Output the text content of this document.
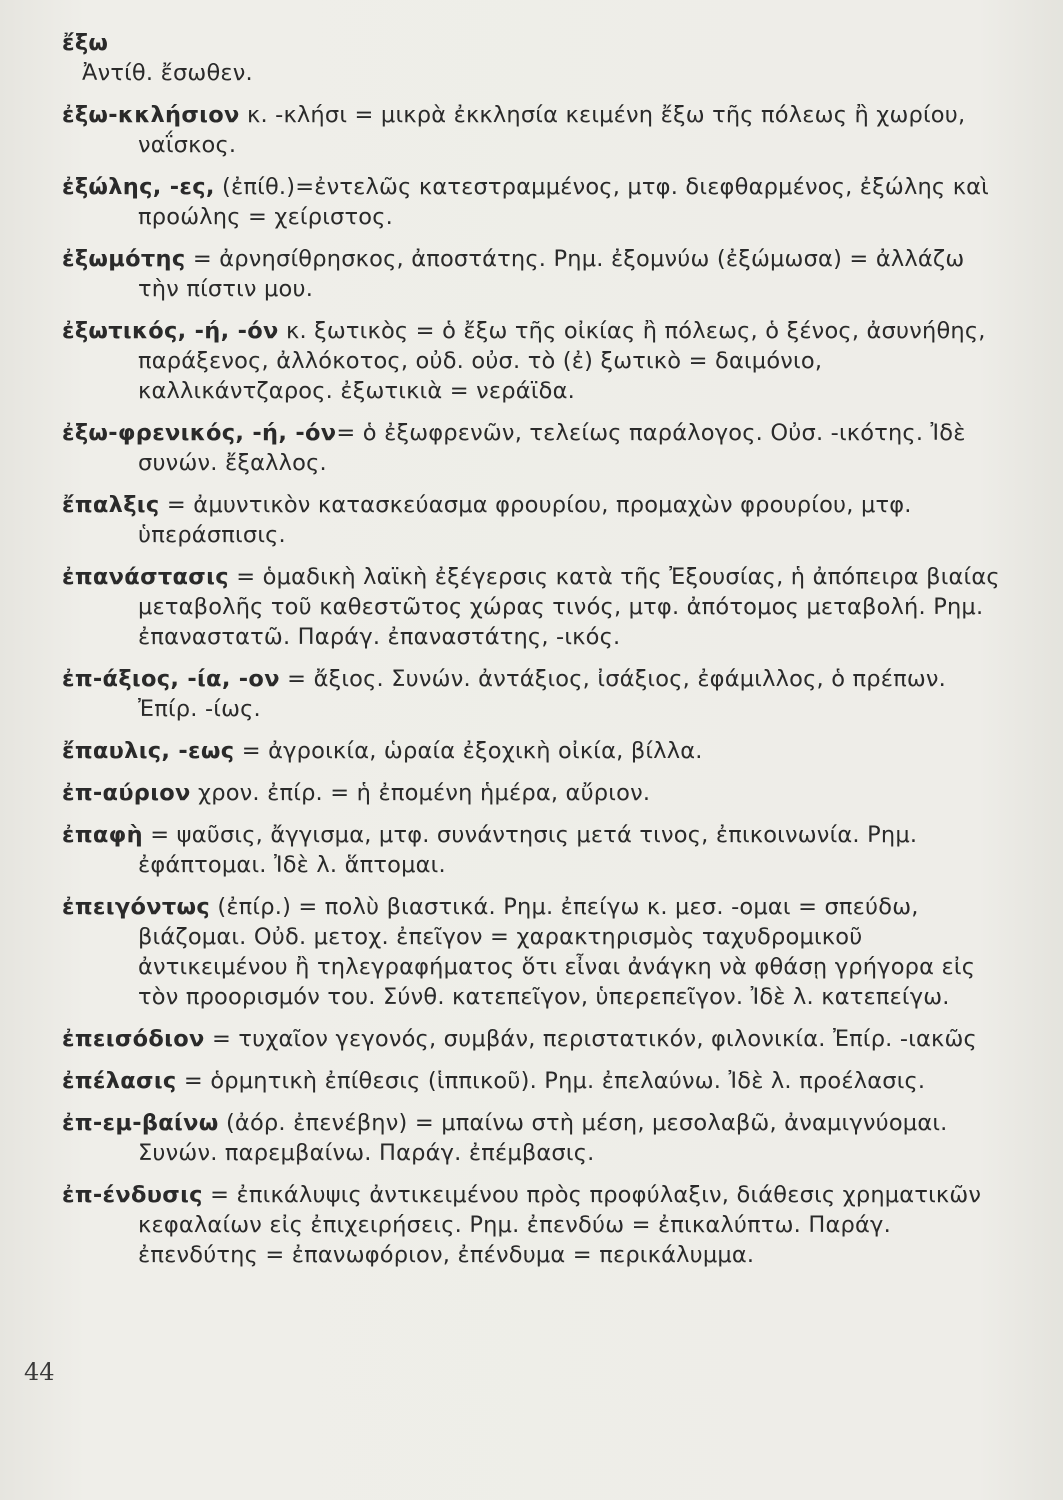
ἔξω
Ἀντίθ. ἔσωθεν.

ἐξω-κκλήσιον κ. -κλήσι = μικρὰ ἐκκλησία κειμένη ἔξω τῆς πόλεως ἢ χωρίου, ναΐσκος.

ἐξώλης, -ες, (ἐπίθ.)=ἐντελῶς κατεστραμμένος, μτφ. διεφθαρμένος, ἐξώλης καὶ προώλης = χείριστος.

ἐξωμότης = ἀρνησίθρησκος, ἀποστάτης. Ρημ. ἐξομνύω (ἐξώμωσα) = ἀλλάζω τὴν πίστιν μου.

ἐξωτικός, -ή, -όν κ. ξωτικὸς = ὁ ἔξω τῆς οἰκίας ἢ πόλεως, ὁ ξένος, ἀσυνήθης, παράξενος, ἀλλόκοτος, οὐδ. οὐσ. τὸ (ἐ) ξωτικὸ = δαιμόνιο, καλλικάντζαρος. ἐξωτικιὰ = νεράϊδα.

ἐξω-φρενικός, -ή, -όν= ὁ ἐξωφρενῶν, τελείως παράλογος. Οὐσ. -ικότης. Ἰδὲ συνών. ἔξαλλος.

ἔπαλξις = ἀμυντικὸν κατασκεύασμα φρουρίου, προμαχὼν φρουρίου, μτφ. ὑπεράσπισις.

ἐπανάστασις = ὁμαδικὴ λαϊκὴ ἐξέγερσις κατὰ τῆς Ἐξουσίας, ἡ ἀπόπειρα βιαίας μεταβολῆς τοῦ καθεστῶτος χώρας τινός, μτφ. ἀπότομος μεταβολή. Ρημ. ἐπαναστατῶ. Παράγ. ἐπαναστάτης, -ικός.

ἐπ-άξιος, -ία, -ον = ἄξιος. Συνών. ἀντάξιος, ἰσάξιος, ἐφάμιλλος, ὁ πρέπων. Ἐπίρ. -ίως.

ἔπαυλις, -εως = ἀγροικία, ὡραία ἐξοχικὴ οἰκία, βίλλα.

ἐπ-αύριον χρον. ἐπίρ. = ἡ ἐπομένη ἡμέρα, αὔριον.

ἐπαφὴ = ψαῦσις, ἄγγισμα, μτφ. συνάντησις μετά τινος, ἐπικοινωνία. Ρημ. ἐφάπτομαι. Ἰδὲ λ. ἅπτομαι.

ἐπειγόντως (ἐπίρ.) = πολὺ βιαστικά. Ρημ. ἐπείγω κ. μεσ. -ομαι = σπεύδω, βιάζομαι. Οὐδ. μετοχ. ἐπεῖγον = χαρακτηρισμὸς ταχυδρομικοῦ ἀντικειμένου ἢ τηλεγραφήματος ὅτι εἶναι ἀνάγκη νὰ φθάσῃ γρήγορα εἰς τὸν προορισμόν του. Σύνθ. κατεπεῖγον, ὑπερεπεῖγον. Ἰδὲ λ. κατεπείγω.

ἐπεισόδιον = τυχαῖον γεγονός, συμβάν, περιστατικόν, φιλονικία. Ἐπίρ. -ιακῶς

ἐπέλασις = ὁρμητικὴ ἐπίθεσις (ἱππικοῦ). Ρημ. ἐπελαύνω. Ἰδὲ λ. προέλασις.

ἐπ-εμ-βαίνω (ἀόρ. ἐπενέβην) = μπαίνω στὴ μέση, μεσολαβῶ, ἀναμιγνύομαι. Συνών. παρεμβαίνω. Παράγ. ἐπέμβασις.

ἐπ-ένδυσις = ἐπικάλυψις ἀντικειμένου πρὸς προφύλαξιν, διάθεσις χρηματικῶν κεφαλαίων εἰς ἐπιχειρήσεις. Ρημ. ἐπενδύω = ἐπικαλύπτω. Παράγ. ἐπενδύτης = ἐπανωφόριον, ἐπένδυμα = περικάλυμμα.

44
